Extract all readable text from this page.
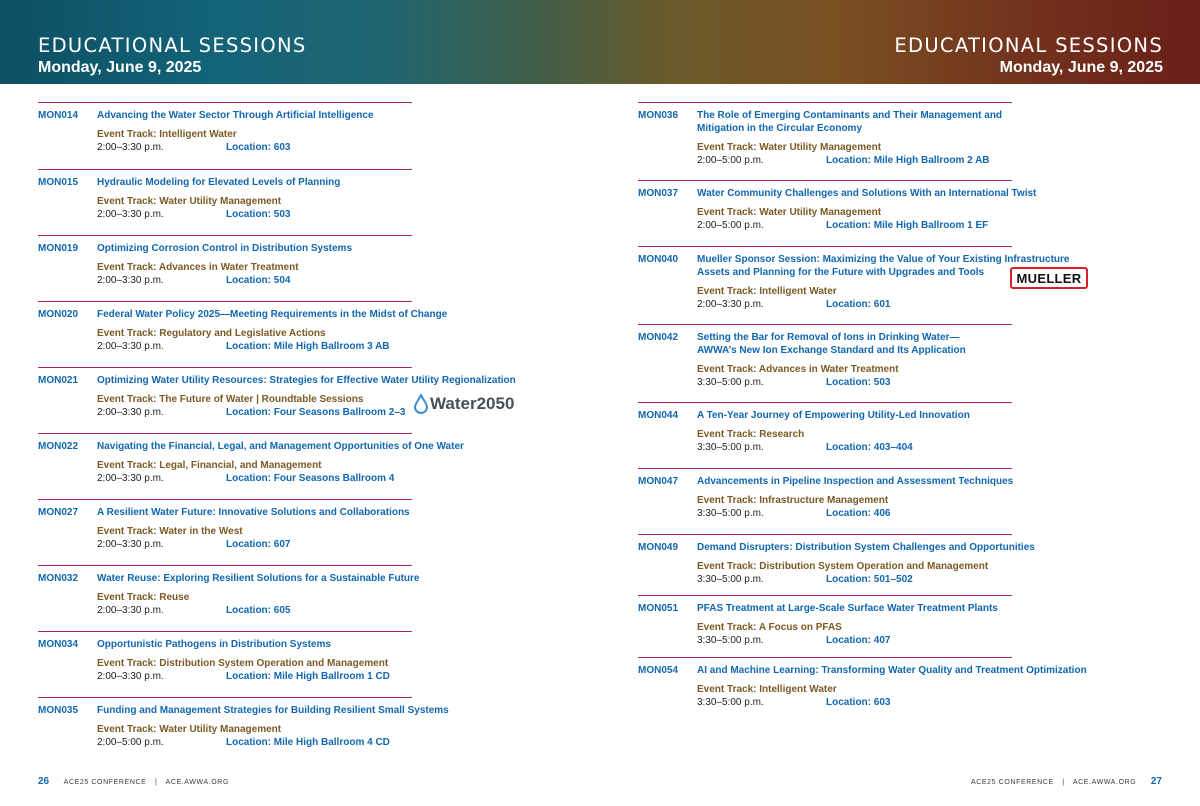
EDUCATIONAL SESSIONS
Monday, June 9, 2025
EDUCATIONAL SESSIONS
Monday, June 9, 2025
MON014	Advancing the Water Sector Through Artificial Intelligence
Event Track: Intelligent Water
2:00–3:30 p.m.	Location: 603
MON015	Hydraulic Modeling for Elevated Levels of Planning
Event Track: Water Utility Management
2:00–3:30 p.m.	Location: 503
MON019	Optimizing Corrosion Control in Distribution Systems
Event Track: Advances in Water Treatment
2:00–3:30 p.m.	Location: 504
MON020	Federal Water Policy 2025—Meeting Requirements in the Midst of Change
Event Track: Regulatory and Legislative Actions
2:00–3:30 p.m.	Location: Mile High Ballroom 3 AB
MON021	Optimizing Water Utility Resources: Strategies for Effective Water Utility Regionalization
Event Track: The Future of Water | Roundtable Sessions
2:00–3:30 p.m.	Location: Four Seasons Ballroom 2–3 Water2050
MON022	Navigating the Financial, Legal, and Management Opportunities of One Water
Event Track: Legal, Financial, and Management
2:00–3:30 p.m.	Location: Four Seasons Ballroom 4
MON027	A Resilient Water Future: Innovative Solutions and Collaborations
Event Track: Water in the West
2:00–3:30 p.m.	Location: 607
MON032	Water Reuse: Exploring Resilient Solutions for a Sustainable Future
Event Track: Reuse
2:00–3:30 p.m.	Location: 605
MON034	Opportunistic Pathogens in Distribution Systems
Event Track: Distribution System Operation and Management
2:00–3:30 p.m.	Location: Mile High Ballroom 1 CD
MON035	Funding and Management Strategies for Building Resilient Small Systems
Event Track: Water Utility Management
2:00–5:00 p.m.	Location: Mile High Ballroom 4 CD
MON036	The Role of Emerging Contaminants and Their Management and
Mitigation in the Circular Economy
Event Track: Water Utility Management
2:00–5:00 p.m.	Location: Mile High Ballroom 2 AB
MON037	Water Community Challenges and Solutions With an International Twist
Event Track: Water Utility Management
2:00–5:00 p.m.	Location: Mile High Ballroom 1 EF
MON040	Mueller Sponsor Session: Maximizing the Value of Your Existing Infrastructure
Assets and Planning for the Future with Upgrades and Tools
Event Track: Intelligent Water
2:00–3:30 p.m.	Location: 601
MUELLER
MON042	Setting the Bar for Removal of Ions in Drinking Water—
AWWA’s New Ion Exchange Standard and Its Application
Event Track: Advances in Water Treatment
3:30–5:00 p.m.	Location: 503
MON044	A Ten-Year Journey of Empowering Utility-Led Innovation
Event Track: Research
3:30–5:00 p.m.	Location: 403–404
MON047	Advancements in Pipeline Inspection and Assessment Techniques
Event Track: Infrastructure Management
3:30–5:00 p.m.	Location: 406
MON049	Demand Disrupters: Distribution System Challenges and Opportunities
Event Track: Distribution System Operation and Management
3:30–5:00 p.m.	Location: 501–502
MON051	PFAS Treatment at Large-Scale Surface Water Treatment Plants
Event Track: A Focus on PFAS
3:30–5:00 p.m.	Location: 407
MON054	AI and Machine Learning: Transforming Water Quality and Treatment Optimization
Event Track: Intelligent Water
3:30–5:00 p.m.	Location: 603
26 ACE25 CONFERENCE | ACE.AWWA.ORG	ACE25 CONFERENCE | ACE.AWWA.ORG 27
